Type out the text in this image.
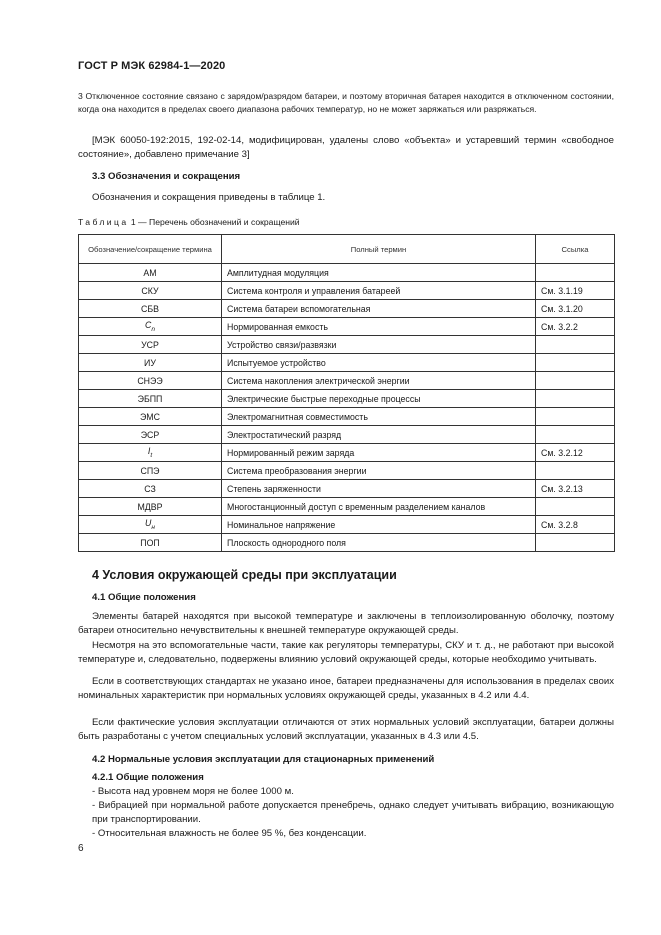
ГОСТ Р МЭК 62984-1—2020
3 Отключенное состояние связано с зарядом/разрядом батареи, и поэтому вторичная батарея находится в отключенном состоянии, когда она находится в пределах своего диапазона рабочих температур, но не может заряжаться или разряжаться.
[МЭК 60050-192:2015, 192-02-14, модифицирован, удалены слово «объекта» и устаревший термин «свободное состояние», добавлено примечание 3]
3.3 Обозначения и сокращения
Обозначения и сокращения приведены в таблице 1.
Таблица 1 — Перечень обозначений и сокращений
Обозначение/сокращение термина	Полный термин	Ссылка
АМ	Амплитудная модуляция	
СКУ	Система контроля и управления батареей	См. 3.1.19
СБВ	Система батареи вспомогательная	См. 3.1.20
$C_n$	Нормированная емкость	См. 3.2.2
УСР	Устройство связи/развязки	
ИУ	Испытуемое устройство	
СНЭЭ	Система накопления электрической энергии	
ЭБПП	Электрические быстрые переходные процессы	
ЭМС	Электромагнитная совместимость	
ЭСР	Электростатический разряд	
$I_t$	Нормированный режим заряда	См. 3.2.12
СПЭ	Система преобразования энергии	
СЗ	Степень заряженности	См. 3.2.13
МДВР	Многостанционный доступ с временным разделением каналов	
$U_н$	Номинальное напряжение	См. 3.2.8
ПОП	Плоскость однородного поля	
4 Условия окружающей среды при эксплуатации
4.1 Общие положения
Элементы батарей находятся при высокой температуре и заключены в теплоизолированную оболочку, поэтому батареи относительно нечувствительны к внешней температуре окружающей среды.
Несмотря на это вспомогательные части, такие как регуляторы температуры, СКУ и т. д., не работают при высокой температуре и, следовательно, подвержены влиянию условий окружающей среды, которые необходимо учитывать.
Если в соответствующих стандартах не указано иное, батареи предназначены для использования в пределах своих номинальных характеристик при нормальных условиях окружающей среды, указанных в 4.2 или 4.4.
Если фактические условия эксплуатации отличаются от этих нормальных условий эксплуатации, батареи должны быть разработаны с учетом специальных условий эксплуатации, указанных в 4.3 или 4.5.
4.2 Нормальные условия эксплуатации для стационарных применений
4.2.1 Общие положения
- Высота над уровнем моря не более 1000 м.
- Вибрацией при нормальной работе допускается пренебречь, однако следует учитывать вибрацию, возникающую при транспортировании.
- Относительная влажность не более 95 %, без конденсации.
6
